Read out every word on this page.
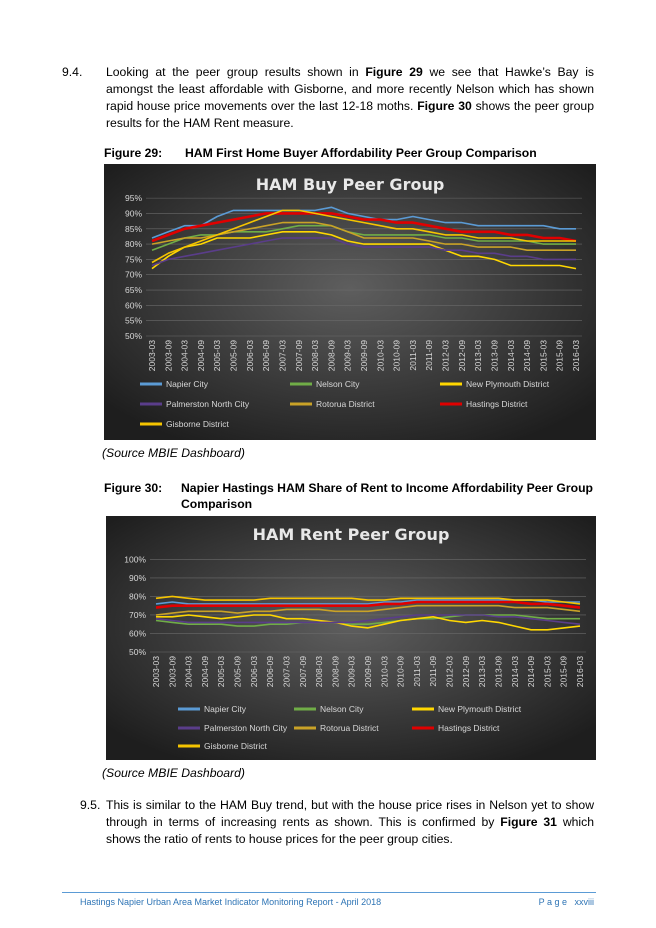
9.4. Looking at the peer group results shown in Figure 29 we see that Hawke’s Bay is amongst the least affordable with Gisborne, and more recently Nelson which has shown rapid house price movements over the last 12-18 moths. Figure 30 shows the peer group results for the HAM Rent measure.
Figure 29: HAM First Home Buyer Affordability Peer Group Comparison
HAM Buy Peer Group
50%
55%
60%
65%
70%
75%
80%
85%
90%
95%
2003-03 2003-09 2004-03 2004-09 2005-03 2005-09 2006-03 2006-09 2007-03 2007-09 2008-03 2008-09 2009-03 2009-09 2010-03 2010-09 2011-03 2011-09 2012-03 2012-09 2013-03 2013-09 2014-03 2014-09 2015-03 2015-09 2016-03
Napier City	Nelson City	New Plymouth District
Palmerston North City	Rotorua District	Hastings District
Gisborne District
(Source MBIE Dashboard)
Figure 30: Napier Hastings HAM Share of Rent to Income Affordability Peer Group Comparison
HAM Rent Peer Group
50%
60%
70%
80%
90%
100%
2003-03 2003-09 2004-03 2004-09 2005-03 2005-09 2006-03 2006-09 2007-03 2007-09 2008-03 2008-09 2009-03 2009-09 2010-03 2010-09 2011-03 2011-09 2012-03 2012-09 2013-03 2013-09 2014-03 2014-09 2015-03 2015-09 2016-03
Napier City	Nelson City	New Plymouth District
Palmerston North City	Rotorua District	Hastings District
Gisborne District
(Source MBIE Dashboard)
9.5. This is similar to the HAM Buy trend, but with the house price rises in Nelson yet to show through in terms of increasing rents as shown. This is confirmed by Figure 31 which shows the ratio of rents to house prices for the peer group cities.
Hastings Napier Urban Area Market Indicator Monitoring Report - April 2018	P a g e   xxviii
